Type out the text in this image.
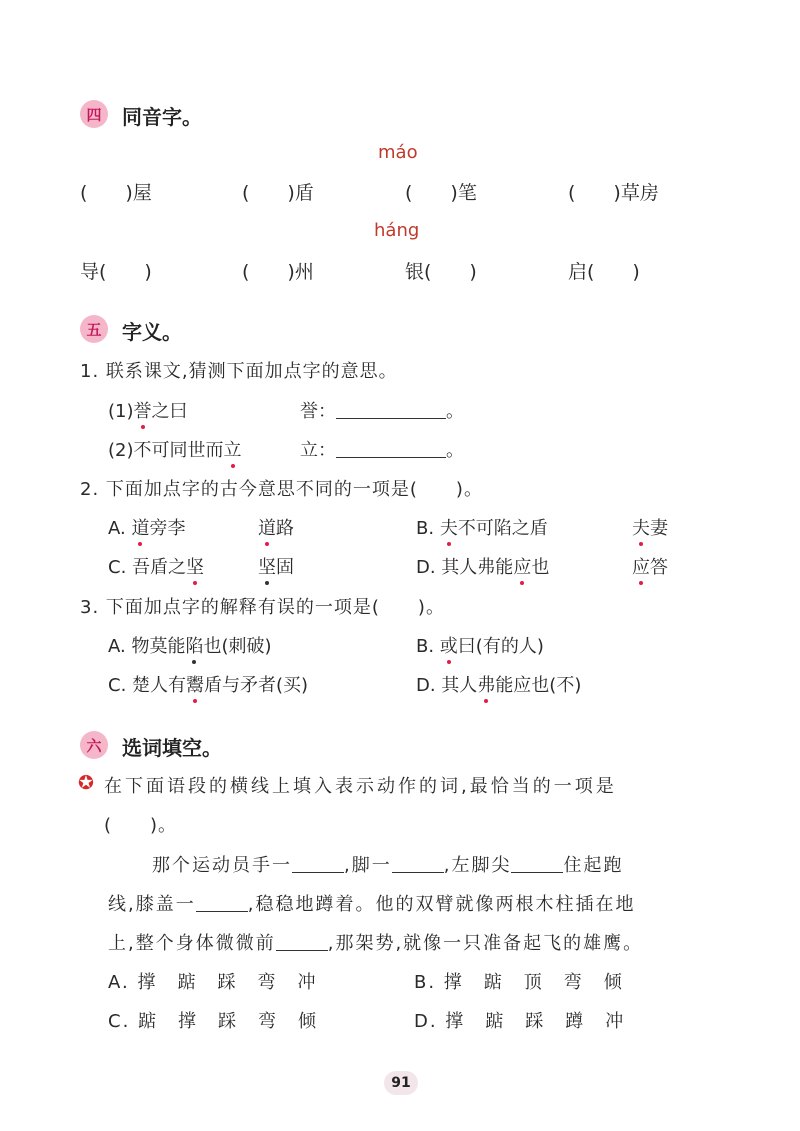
四	同音字。
máo
(　　)屋	(　　)盾	(　　)笔	(　　)草房
háng
导(　　)	(　　)州	银(　　)	启(　　)
五	字义。
1. 联系课文,猜测下面加点字的意思。
(1)誉之曰	誉：	。
(2)不可同世而立	立：	。
2. 下面加点字的古今意思不同的一项是(　　)。
A. 道旁李	道路	B. 夫不可陷之盾	夫妻
C. 吾盾之坚	坚固	D. 其人弗能应也	应答
3. 下面加点字的解释有误的一项是(　　)。
A. 物莫能陷也(刺破)	B. 或曰(有的人)
C. 楚人有鬻盾与矛者(买)	D. 其人弗能应也(不)
六	选词填空。
✪ 在下面语段的横线上填入表示动作的词,最恰当的一项是
(　　)。
那个运动员手一	,脚一	,左脚尖	住起跑
线,膝盖一	,稳稳地蹲着。他的双臂就像两根木柱插在地
上,整个身体微微前	,那架势,就像一只准备起飞的雄鹰。
A. 撑　踮　踩　弯　冲	B. 撑　踮　顶　弯　倾
C. 踮　撑　踩　弯　倾	D. 撑　踮　踩　蹲　冲
91
